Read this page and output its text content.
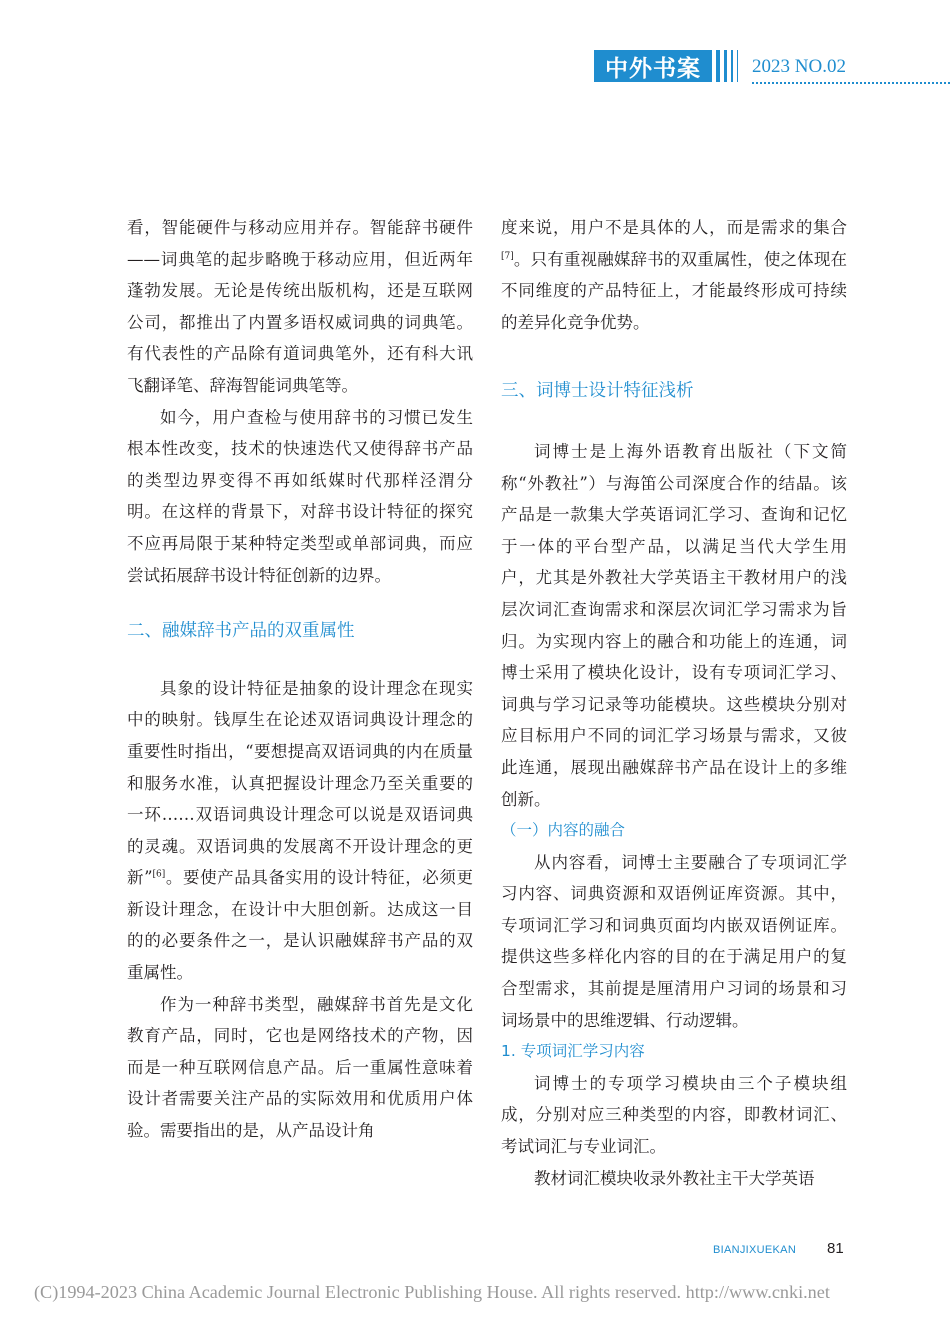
中外书案	2023 NO.02

看，智能硬件与移动应用并存。智能辞书硬件——词典笔的起步略晚于移动应用，但近两年蓬勃发展。无论是传统出版机构，还是互联网公司，都推出了内置多语权威词典的词典笔。有代表性的产品除有道词典笔外，还有科大讯飞翻译笔、辞海智能词典笔等。

如今，用户查检与使用辞书的习惯已发生根本性改变，技术的快速迭代又使得辞书产品的类型边界变得不再如纸媒时代那样泾渭分明。在这样的背景下，对辞书设计特征的探究不应再局限于某种特定类型或单部词典，而应尝试拓展辞书设计特征创新的边界。

二、融媒辞书产品的双重属性

具象的设计特征是抽象的设计理念在现实中的映射。钱厚生在论述双语词典设计理念的重要性时指出，“要想提高双语词典的内在质量和服务水准，认真把握设计理念乃至关重要的一环……双语词典设计理念可以说是双语词典的灵魂。双语词典的发展离不开设计理念的更新”[6]。要使产品具备实用的设计特征，必须更新设计理念，在设计中大胆创新。达成这一目的的必要条件之一，是认识融媒辞书产品的双重属性。

作为一种辞书类型，融媒辞书首先是文化教育产品，同时，它也是网络技术的产物，因而是一种互联网信息产品。后一重属性意味着设计者需要关注产品的实际效用和优质用户体验。需要指出的是，从产品设计角

度来说，用户不是具体的人，而是需求的集合[7]。只有重视融媒辞书的双重属性，使之体现在不同维度的产品特征上，才能最终形成可持续的差异化竞争优势。

三、词博士设计特征浅析

词博士是上海外语教育出版社（下文简称“外教社”）与海笛公司深度合作的结晶。该产品是一款集大学英语词汇学习、查询和记忆于一体的平台型产品，以满足当代大学生用户，尤其是外教社大学英语主干教材用户的浅层次词汇查询需求和深层次词汇学习需求为旨归。为实现内容上的融合和功能上的连通，词博士采用了模块化设计，设有专项词汇学习、词典与学习记录等功能模块。这些模块分别对应目标用户不同的词汇学习场景与需求，又彼此连通，展现出融媒辞书产品在设计上的多维创新。

（一）内容的融合

从内容看，词博士主要融合了专项词汇学习内容、词典资源和双语例证库资源。其中，专项词汇学习和词典页面均内嵌双语例证库。提供这些多样化内容的目的在于满足用户的复合型需求，其前提是厘清用户习词的场景和习词场景中的思维逻辑、行动逻辑。

1. 专项词汇学习内容

词博士的专项学习模块由三个子模块组成，分别对应三种类型的内容，即教材词汇、考试词汇与专业词汇。

教材词汇模块收录外教社主干大学英语

BIANJIXUEKAN 81
(C)1994-2023 China Academic Journal Electronic Publishing House. All rights reserved. http://www.cnki.net
